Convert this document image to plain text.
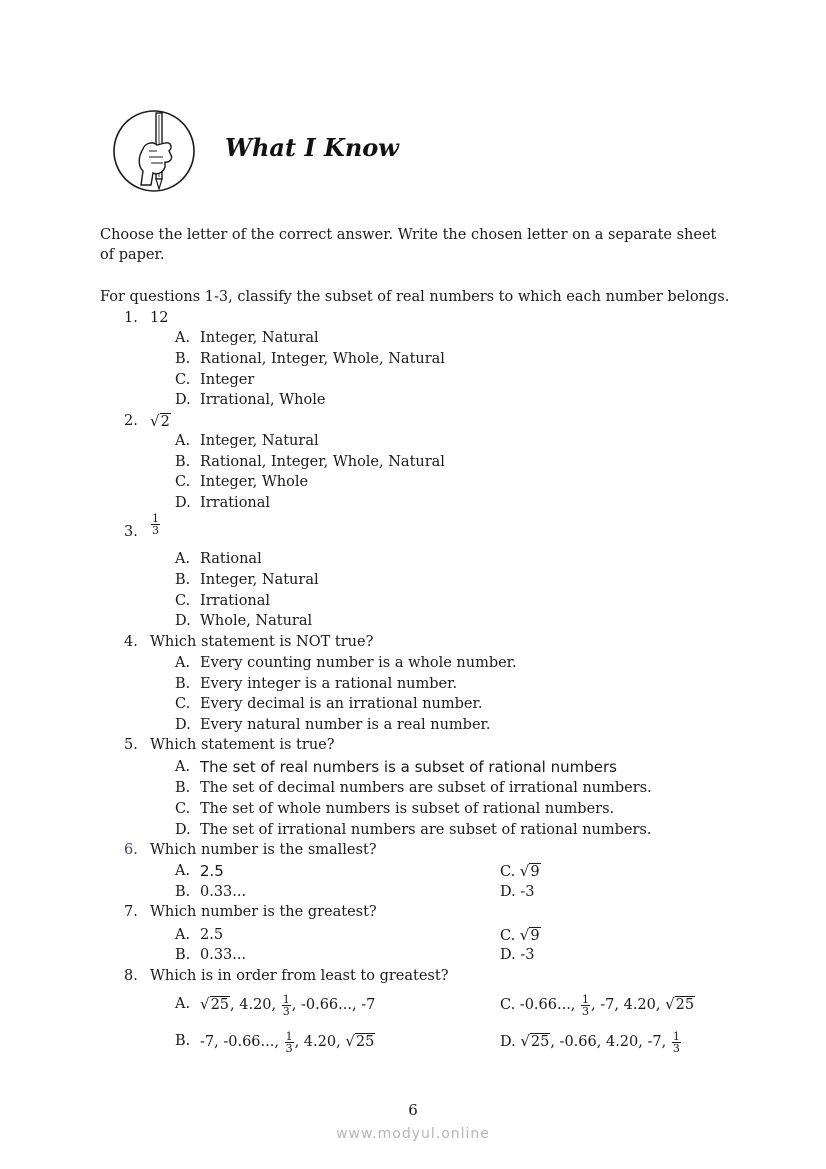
What I Know
Choose the letter of the correct answer. Write the chosen letter on a separate sheet of paper.
For questions 1-3, classify the subset of real numbers to which each number belongs.
1. 12
A. Integer, Natural
B. Rational, Integer, Whole, Natural
C. Integer
D. Irrational, Whole
2. √2
A. Integer, Natural
B. Rational, Integer, Whole, Natural
C. Integer, Whole
D. Irrational
3. $\frac{1}{3}$
A. Rational
B. Integer, Natural
C. Irrational
D. Whole, Natural
4. Which statement is NOT true?
A. Every counting number is a whole number.
B. Every integer is a rational number.
C. Every decimal is an irrational number.
D. Every natural number is a real number.
5. Which statement is true?
A. The set of real numbers is a subset of rational numbers
B. The set of decimal numbers are subset of irrational numbers.
C. The set of whole numbers is subset of rational numbers.
D. The set of irrational numbers are subset of rational numbers.
6. Which number is the smallest?
A. 2.5	C. √9
B. 0.33...	D. -3
7. Which number is the greatest?
A. 2.5	C. √9
B. 0.33...	D. -3
8. Which is in order from least to greatest?
A. √25, 4.20, $\frac{1}{3}$ , -0.66..., -7	C. -0.66..., $\frac{1}{3}$ , -7, 4.20, √25
B. -7, -0.66..., $\frac{1}{3}$ , 4.20, √25	D. √25, -0.66, 4.20, -7, $\frac{1}{3}$
6
www.modyul.online
